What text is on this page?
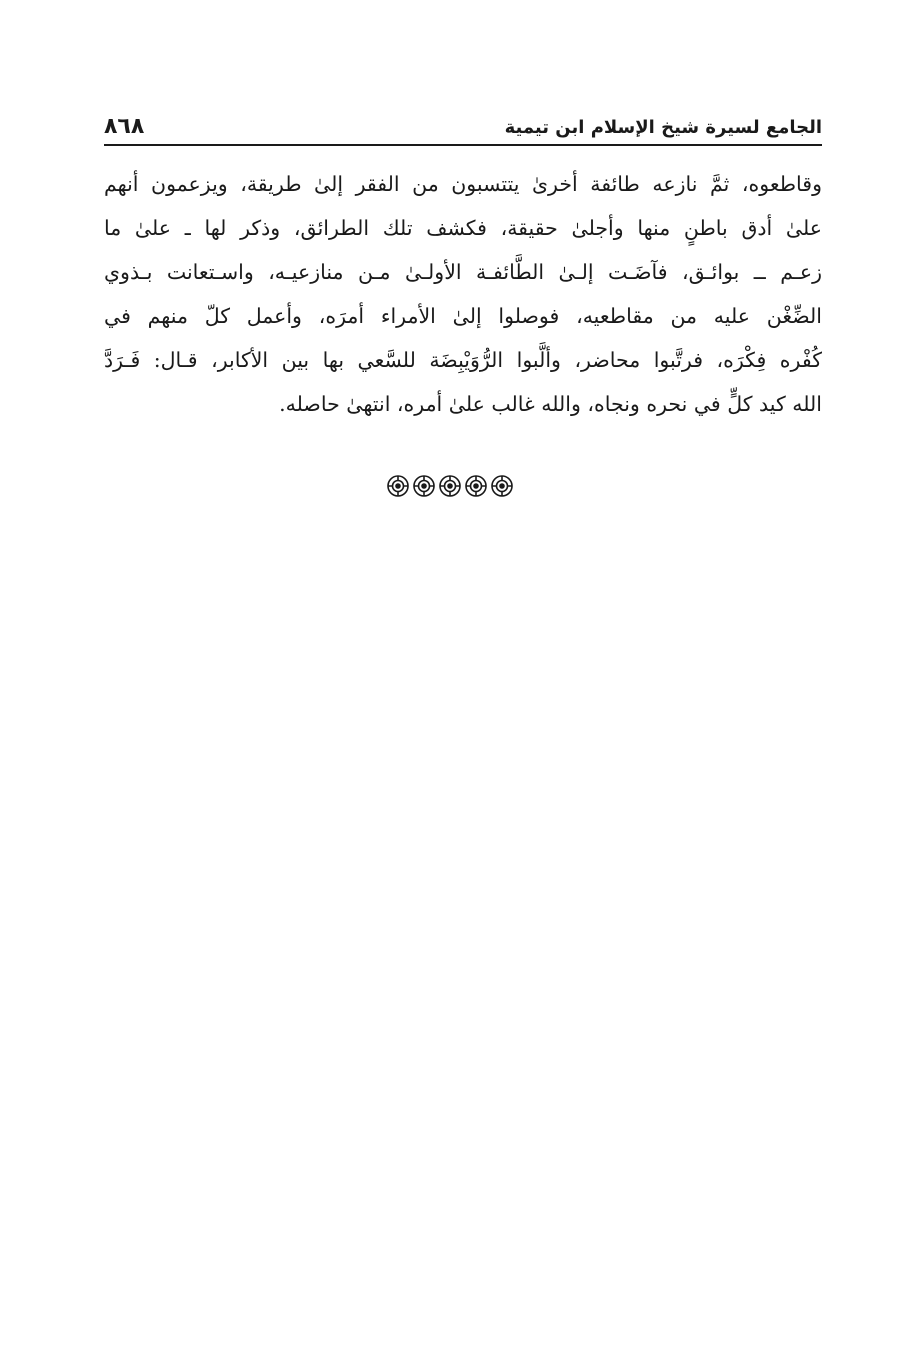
الجامع لسيرة شيخ الإسلام ابن تيمية
٨٦٨
وقاطعوه، ثمَّ نازعه طائفة أخرىٰ يتتسبون من الفقر إلىٰ طريقة، ويزعمون أنهم
علىٰ أدق باطنٍ منها وأجلىٰ حقيقة، فكشف تلك الطرائق، وذكر لها ـ علىٰ ما
زعـم ــ بوائـق، فآضَـت إلـىٰ الطَّائفـة الأولـىٰ مـن منازعيـه، واسـتعانت بـذوي
الضِّغْن عليه من مقاطعيه، فوصلوا إلىٰ الأمراء أمرَه، وأعمل كلّ منهم في
كُفْره فِكْرَه، فرتَّبوا محاضر، وألَّبوا الرُّوَيْبِضَة للسَّعي بها بين الأكابر، قـال: فَـرَدَّ
الله كيد كلٍّ في نحره ونجاه، والله غالب علىٰ أمره، انتهىٰ حاصله.
